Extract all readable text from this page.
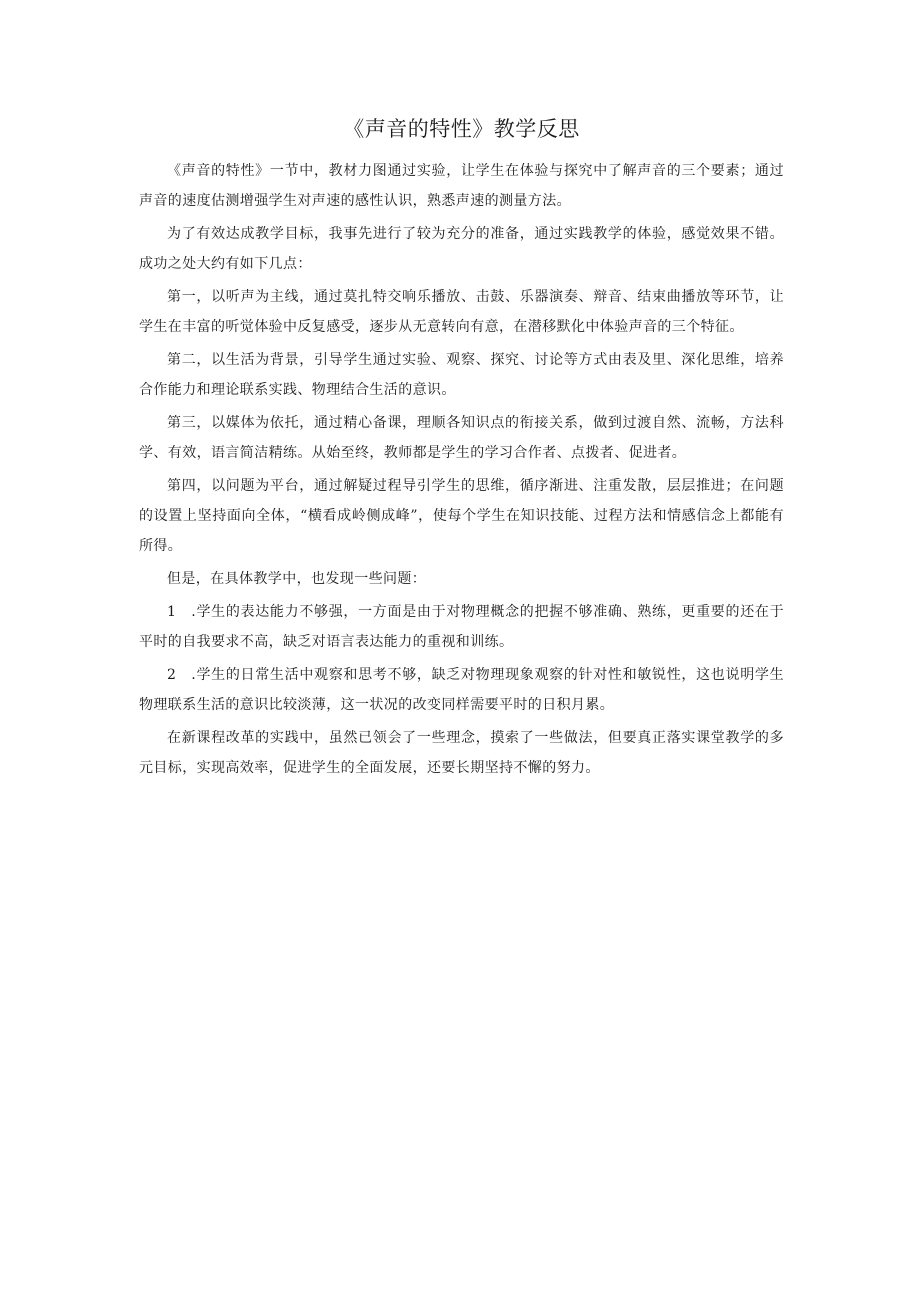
《声音的特性》教学反思

《声音的特性》一节中，教材力图通过实验，让学生在体验与探究中了解声音的三个要素；通过声音的速度估测增强学生对声速的感性认识，熟悉声速的测量方法。

为了有效达成教学目标，我事先进行了较为充分的准备，通过实践教学的体验，感觉效果不错。成功之处大约有如下几点：

第一，以听声为主线，通过莫扎特交响乐播放、击鼓、乐器演奏、辩音、结束曲播放等环节，让学生在丰富的听觉体验中反复感受，逐步从无意转向有意，在潜移默化中体验声音的三个特征。

第二，以生活为背景，引导学生通过实验、观察、探究、讨论等方式由表及里、深化思维，培养合作能力和理论联系实践、物理结合生活的意识。

第三，以媒体为依托，通过精心备课，理顺各知识点的衔接关系，做到过渡自然、流畅，方法科学、有效，语言简洁精练。从始至终，教师都是学生的学习合作者、点拨者、促进者。

第四，以问题为平台，通过解疑过程导引学生的思维，循序渐进、注重发散，层层推进；在问题的设置上坚持面向全体，“横看成岭侧成峰”，使每个学生在知识技能、过程方法和情感信念上都能有所得。

但是，在具体教学中，也发现一些问题：

1　.学生的表达能力不够强，一方面是由于对物理概念的把握不够准确、熟练，更重要的还在于平时的自我要求不高，缺乏对语言表达能力的重视和训练。

2　.学生的日常生活中观察和思考不够，缺乏对物理现象观察的针对性和敏锐性，这也说明学生物理联系生活的意识比较淡薄，这一状况的改变同样需要平时的日积月累。

在新课程改革的实践中，虽然已领会了一些理念，摸索了一些做法，但要真正落实课堂教学的多元目标，实现高效率，促进学生的全面发展，还要长期坚持不懈的努力。
